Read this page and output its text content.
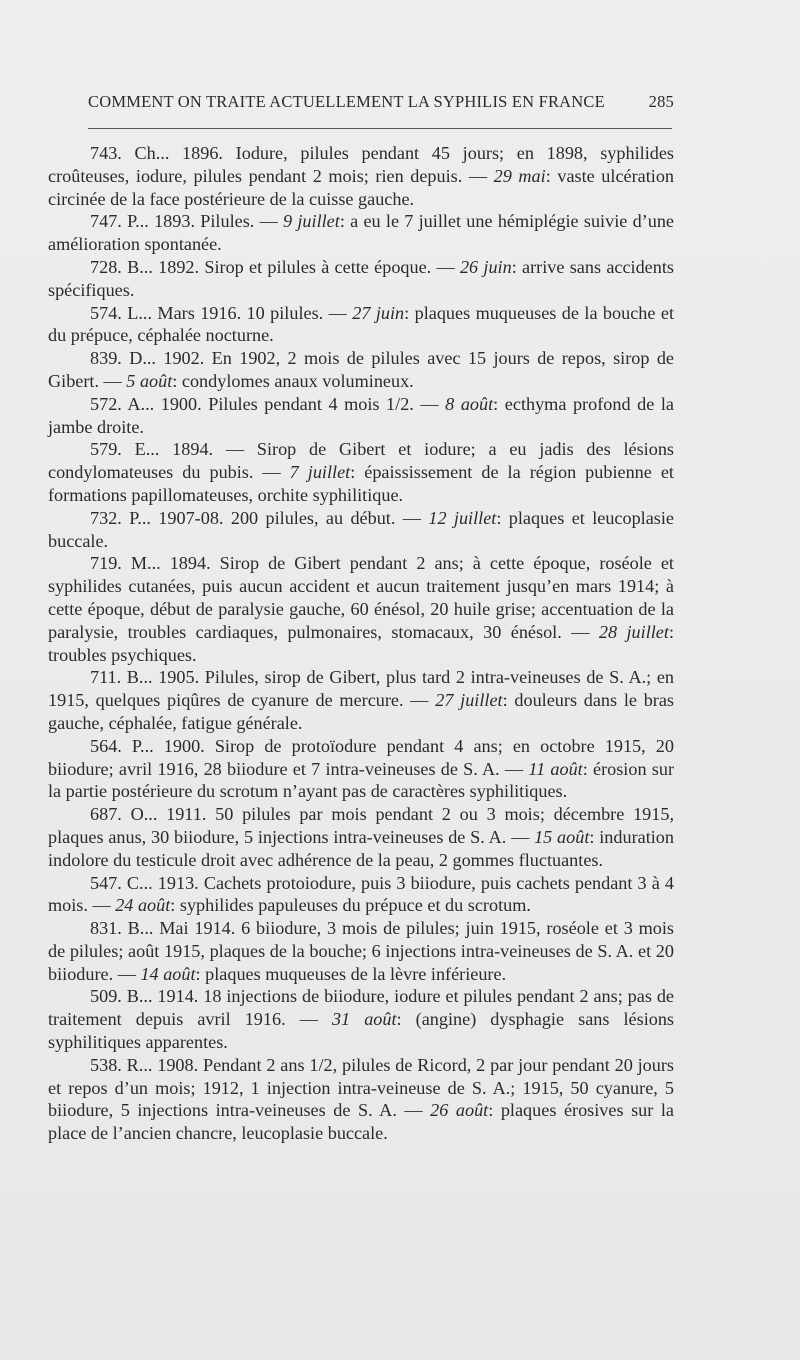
COMMENT ON TRAITE ACTUELLEMENT LA SYPHILIS EN FRANCE	285

743. Ch... 1896. Iodure, pilules pendant 45 jours; en 1898, syphilides croûteuses, iodure, pilules pendant 2 mois; rien depuis. — 29 mai: vaste ulcération circinée de la face postérieure de la cuisse gauche.

747. P... 1893. Pilules. — 9 juillet: a eu le 7 juillet une hémiplégie suivie d’une amélioration spontanée.

728. B... 1892. Sirop et pilules à cette époque. — 26 juin: arrive sans accidents spécifiques.

574. L... Mars 1916. 10 pilules. — 27 juin: plaques muqueuses de la bouche et du prépuce, céphalée nocturne.

839. D... 1902. En 1902, 2 mois de pilules avec 15 jours de repos, sirop de Gibert. — 5 août: condylomes anaux volumineux.

572. A... 1900. Pilules pendant 4 mois 1/2. — 8 août: ecthyma profond de la jambe droite.

579. E... 1894. — Sirop de Gibert et iodure; a eu jadis des lésions condylomateuses du pubis. — 7 juillet: épaississement de la région pubienne et formations papillomateuses, orchite syphilitique.

732. P... 1907-08. 200 pilules, au début. — 12 juillet: plaques et leucoplasie buccale.

719. M... 1894. Sirop de Gibert pendant 2 ans; à cette époque, roséole et syphilides cutanées, puis aucun accident et aucun traitement jusqu’en mars 1914; à cette époque, début de paralysie gauche, 60 énésol, 20 huile grise; accentuation de la paralysie, troubles cardiaques, pulmonaires, stomacaux, 30 énésol. — 28 juillet: troubles psychiques.

711. B... 1905. Pilules, sirop de Gibert, plus tard 2 intra-veineuses de S. A.; en 1915, quelques piqûres de cyanure de mercure. — 27 juillet: douleurs dans le bras gauche, céphalée, fatigue générale.

564. P... 1900. Sirop de protoïodure pendant 4 ans; en octobre 1915, 20 biiodure; avril 1916, 28 biiodure et 7 intra-veineuses de S. A. — 11 août: érosion sur la partie postérieure du scrotum n’ayant pas de caractères syphilitiques.

687. O... 1911. 50 pilules par mois pendant 2 ou 3 mois; décembre 1915, plaques anus, 30 biiodure, 5 injections intra-veineuses de S. A. — 15 août: induration indolore du testicule droit avec adhérence de la peau, 2 gommes fluctuantes.

547. C... 1913. Cachets protoiodure, puis 3 biiodure, puis cachets pendant 3 à 4 mois. — 24 août: syphilides papuleuses du prépuce et du scrotum.

831. B... Mai 1914. 6 biiodure, 3 mois de pilules; juin 1915, roséole et 3 mois de pilules; août 1915, plaques de la bouche; 6 injections intra-veineuses de S. A. et 20 biiodure. — 14 août: plaques muqueuses de la lèvre inférieure.

509. B... 1914. 18 injections de biiodure, iodure et pilules pendant 2 ans; pas de traitement depuis avril 1916. — 31 août: (angine) dysphagie sans lésions syphilitiques apparentes.

538. R... 1908. Pendant 2 ans 1/2, pilules de Ricord, 2 par jour pendant 20 jours et repos d’un mois; 1912, 1 injection intra-veineuse de S. A.; 1915, 50 cyanure, 5 biiodure, 5 injections intra-veineuses de S. A. — 26 août: plaques érosives sur la place de l’ancien chancre, leucoplasie buccale.
